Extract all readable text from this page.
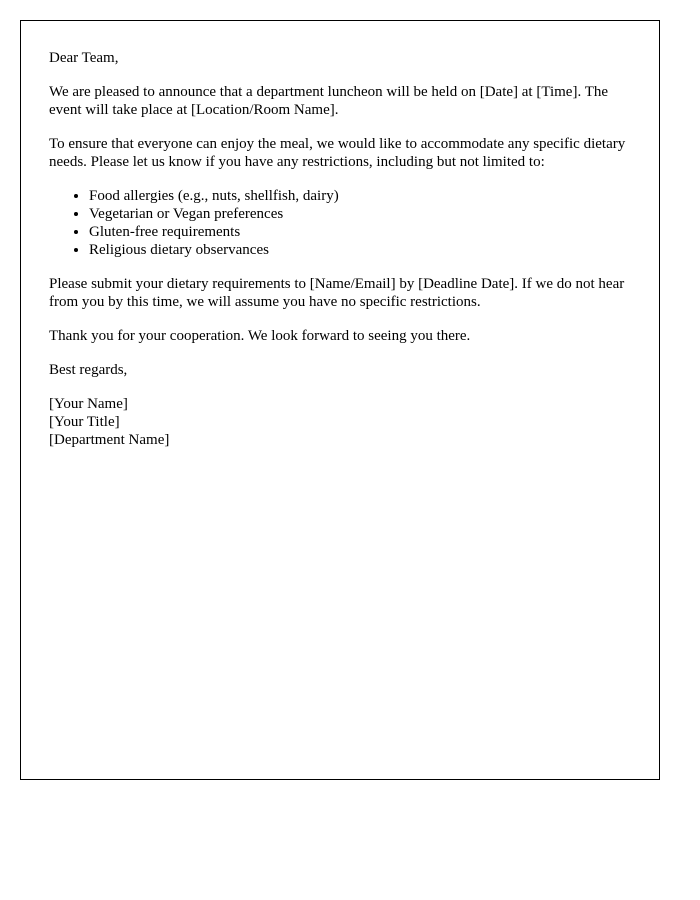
Dear Team,

We are pleased to announce that a department luncheon will be held on [Date] at [Time]. The event will take place at [Location/Room Name].

To ensure that everyone can enjoy the meal, we would like to accommodate any specific dietary needs. Please let us know if you have any restrictions, including but not limited to:

• Food allergies (e.g., nuts, shellfish, dairy)
• Vegetarian or Vegan preferences
• Gluten-free requirements
• Religious dietary observances

Please submit your dietary requirements to [Name/Email] by [Deadline Date]. If we do not hear from you by this time, we will assume you have no specific restrictions.

Thank you for your cooperation. We look forward to seeing you there.

Best regards,

[Your Name]
[Your Title]
[Department Name]
